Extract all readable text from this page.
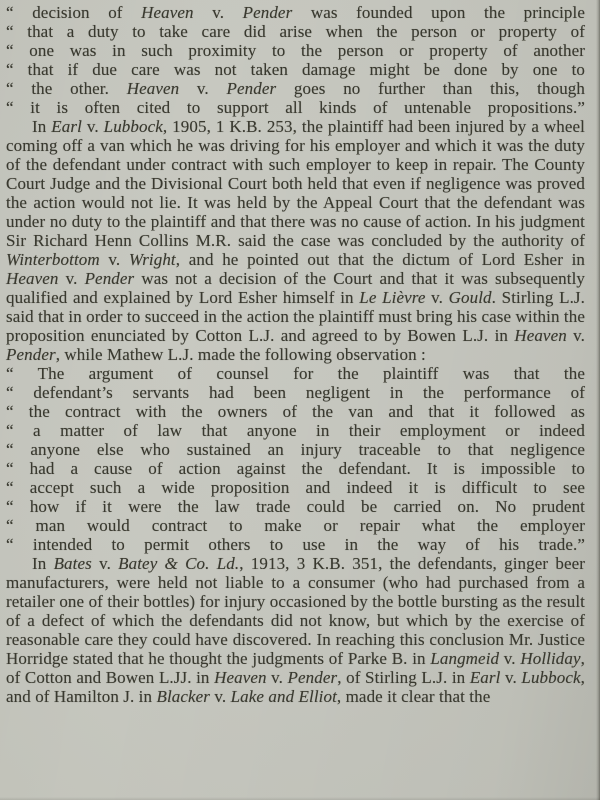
“ decision of Heaven v. Pender was founded upon the principle
“ that a duty to take care did arise when the person or property of
“ one was in such proximity to the person or property of another
“ that if due care was not taken damage might be done by one to
“ the other. Heaven v. Pender goes no further than this, though
“ it is often cited to support all kinds of untenable propositions.”

In Earl v. Lubbock, 1905, 1 K.B. 253, the plaintiff had been injured by a wheel coming off a van which he was driving for his employer and which it was the duty of the defendant under contract with such employer to keep in repair. The County Court Judge and the Divisional Court both held that even if negligence was proved the action would not lie. It was held by the Appeal Court that the defendant was under no duty to the plaintiff and that there was no cause of action. In his judgment Sir Richard Henn Collins M.R. said the case was concluded by the authority of Winterbottom v. Wright, and he pointed out that the dictum of Lord Esher in Heaven v. Pender was not a decision of the Court and that it was subsequently qualified and explained by Lord Esher himself in Le Lièvre v. Gould. Stirling L.J. said that in order to succeed in the action the plaintiff must bring his case within the proposition enunciated by Cotton L.J. and agreed to by Bowen L.J. in Heaven v. Pender, while Mathew L.J. made the following observation :

“ The argument of counsel for the plaintiff was that the
“ defendant’s servants had been negligent in the performance of
“ the contract with the owners of the van and that it followed as
“ a matter of law that anyone in their employment or indeed
“ anyone else who sustained an injury traceable to that negligence
“ had a cause of action against the defendant. It is impossible to
“ accept such a wide proposition and indeed it is difficult to see
“ how if it were the law trade could be carried on. No prudent
“ man would contract to make or repair what the employer
“ intended to permit others to use in the way of his trade.”

In Bates v. Batey & Co. Ld., 1913, 3 K.B. 351, the defendants, ginger beer manufacturers, were held not liable to a consumer (who had purchased from a retailer one of their bottles) for injury occasioned by the bottle bursting as the result of a defect of which the defendants did not know, but which by the exercise of reasonable care they could have discovered. In reaching this conclusion Mr. Justice Horridge stated that he thought the judgments of Parke B. in Langmeid v. Holliday, of Cotton and Bowen L.JJ. in Heaven v. Pender, of Stirling L.J. in Earl v. Lubbock, and of Hamilton J. in Blacker v. Lake and Elliot, made it clear that the
